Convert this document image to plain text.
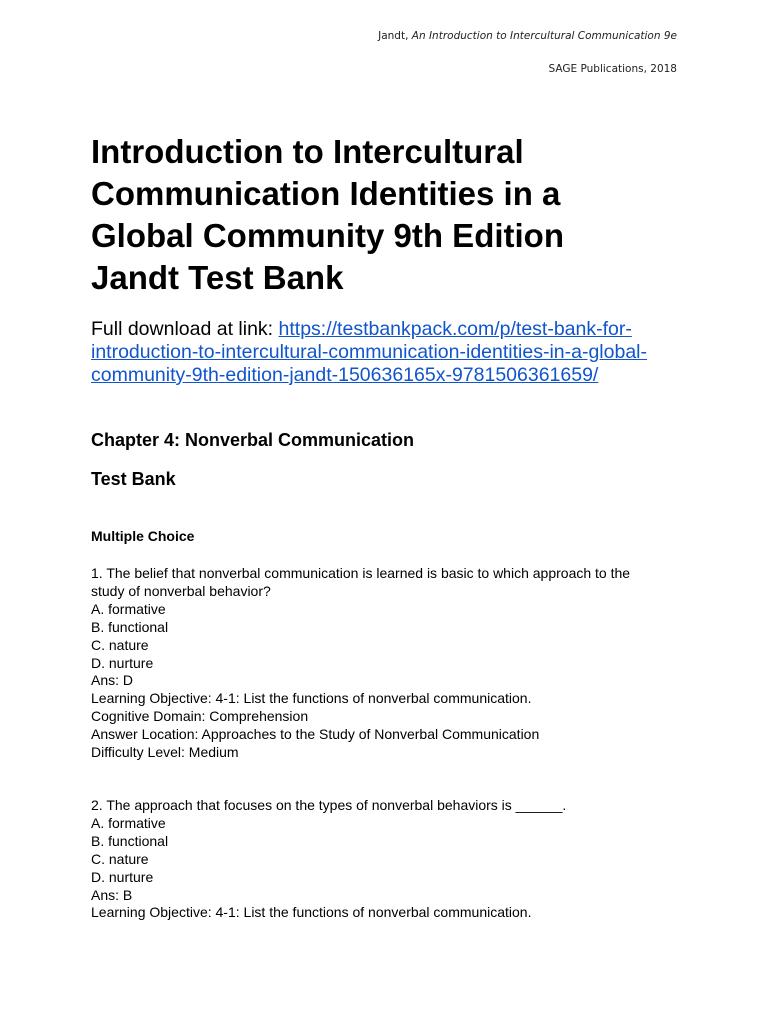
Jandt, An Introduction to Intercultural Communication 9e
SAGE Publications, 2018
Introduction to Intercultural
Communication Identities in a
Global Community 9th Edition
Jandt Test Bank
Full download at link: https://testbankpack.com/p/test-bank-for-
introduction-to-intercultural-communication-identities-in-a-global-
community-9th-edition-jandt-150636165x-9781506361659/
Chapter 4: Nonverbal Communication
Test Bank
Multiple Choice
1. The belief that nonverbal communication is learned is basic to which approach to the
study of nonverbal behavior?
A. formative
B. functional
C. nature
D. nurture
Ans: D
Learning Objective: 4-1: List the functions of nonverbal communication.
Cognitive Domain: Comprehension
Answer Location: Approaches to the Study of Nonverbal Communication
Difficulty Level: Medium
2. The approach that focuses on the types of nonverbal behaviors is ______.
A. formative
B. functional
C. nature
D. nurture
Ans: B
Learning Objective: 4-1: List the functions of nonverbal communication.
